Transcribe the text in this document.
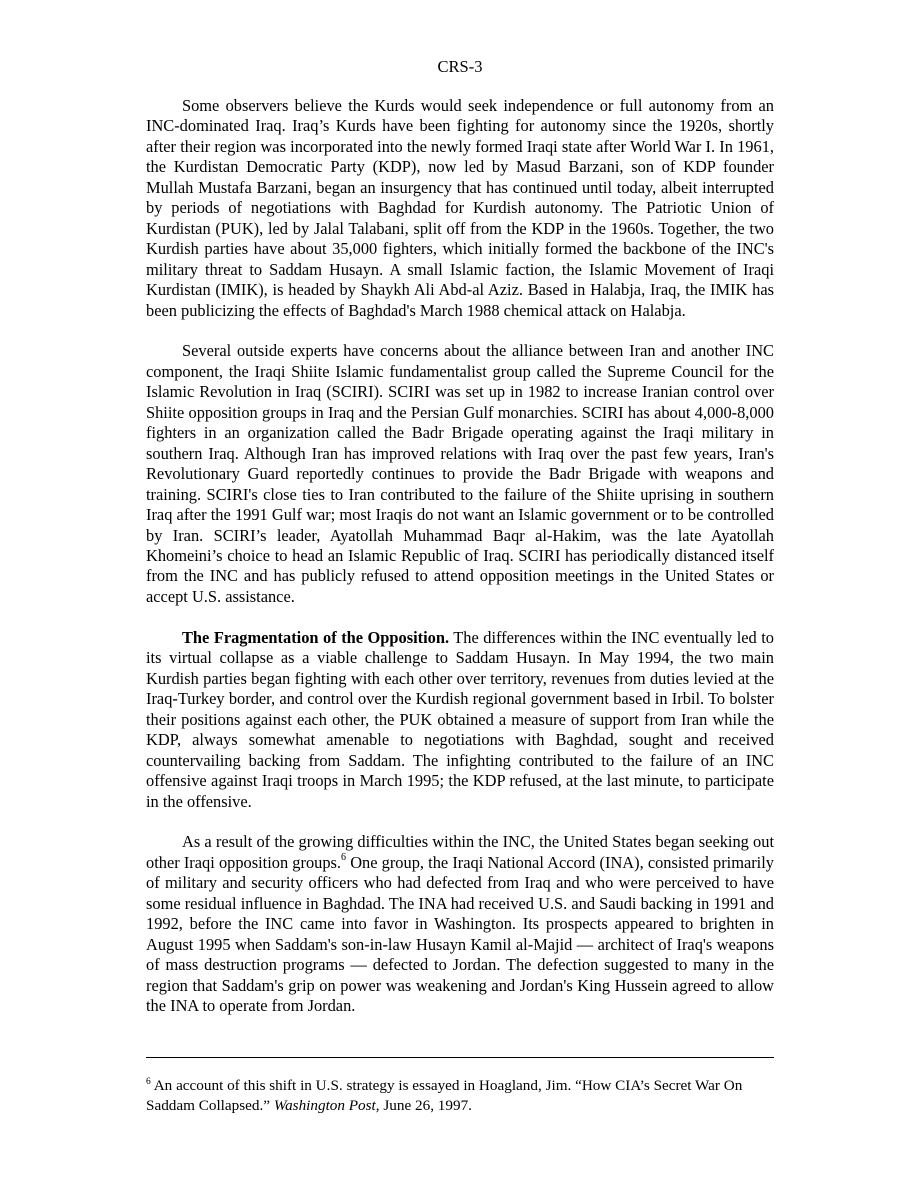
CRS-3

Some observers believe the Kurds would seek independence or full autonomy from an INC-dominated Iraq. Iraq’s Kurds have been fighting for autonomy since the 1920s, shortly after their region was incorporated into the newly formed Iraqi state after World War I. In 1961, the Kurdistan Democratic Party (KDP), now led by Masud Barzani, son of KDP founder Mullah Mustafa Barzani, began an insurgency that has continued until today, albeit interrupted by periods of negotiations with Baghdad for Kurdish autonomy. The Patriotic Union of Kurdistan (PUK), led by Jalal Talabani, split off from the KDP in the 1960s. Together, the two Kurdish parties have about 35,000 fighters, which initially formed the backbone of the INC's military threat to Saddam Husayn. A small Islamic faction, the Islamic Movement of Iraqi Kurdistan (IMIK), is headed by Shaykh Ali Abd-al Aziz. Based in Halabja, Iraq, the IMIK has been publicizing the effects of Baghdad's March 1988 chemical attack on Halabja.

Several outside experts have concerns about the alliance between Iran and another INC component, the Iraqi Shiite Islamic fundamentalist group called the Supreme Council for the Islamic Revolution in Iraq (SCIRI). SCIRI was set up in 1982 to increase Iranian control over Shiite opposition groups in Iraq and the Persian Gulf monarchies. SCIRI has about 4,000-8,000 fighters in an organization called the Badr Brigade operating against the Iraqi military in southern Iraq. Although Iran has improved relations with Iraq over the past few years, Iran's Revolutionary Guard reportedly continues to provide the Badr Brigade with weapons and training. SCIRI's close ties to Iran contributed to the failure of the Shiite uprising in southern Iraq after the 1991 Gulf war; most Iraqis do not want an Islamic government or to be controlled by Iran. SCIRI’s leader, Ayatollah Muhammad Baqr al-Hakim, was the late Ayatollah Khomeini’s choice to head an Islamic Republic of Iraq. SCIRI has periodically distanced itself from the INC and has publicly refused to attend opposition meetings in the United States or accept U.S. assistance.

The Fragmentation of the Opposition. The differences within the INC eventually led to its virtual collapse as a viable challenge to Saddam Husayn. In May 1994, the two main Kurdish parties began fighting with each other over territory, revenues from duties levied at the Iraq-Turkey border, and control over the Kurdish regional government based in Irbil. To bolster their positions against each other, the PUK obtained a measure of support from Iran while the KDP, always somewhat amenable to negotiations with Baghdad, sought and received countervailing backing from Saddam. The infighting contributed to the failure of an INC offensive against Iraqi troops in March 1995; the KDP refused, at the last minute, to participate in the offensive.

As a result of the growing difficulties within the INC, the United States began seeking out other Iraqi opposition groups.$^6$ One group, the Iraqi National Accord (INA), consisted primarily of military and security officers who had defected from Iraq and who were perceived to have some residual influence in Baghdad. The INA had received U.S. and Saudi backing in 1991 and 1992, before the INC came into favor in Washington. Its prospects appeared to brighten in August 1995 when Saddam's son-in-law Husayn Kamil al-Majid — architect of Iraq's weapons of mass destruction programs — defected to Jordan. The defection suggested to many in the region that Saddam's grip on power was weakening and Jordan's King Hussein agreed to allow the INA to operate from Jordan.

$^6$ An account of this shift in U.S. strategy is essayed in Hoagland, Jim. “How CIA’s Secret War On Saddam Collapsed.” Washington Post, June 26, 1997.
